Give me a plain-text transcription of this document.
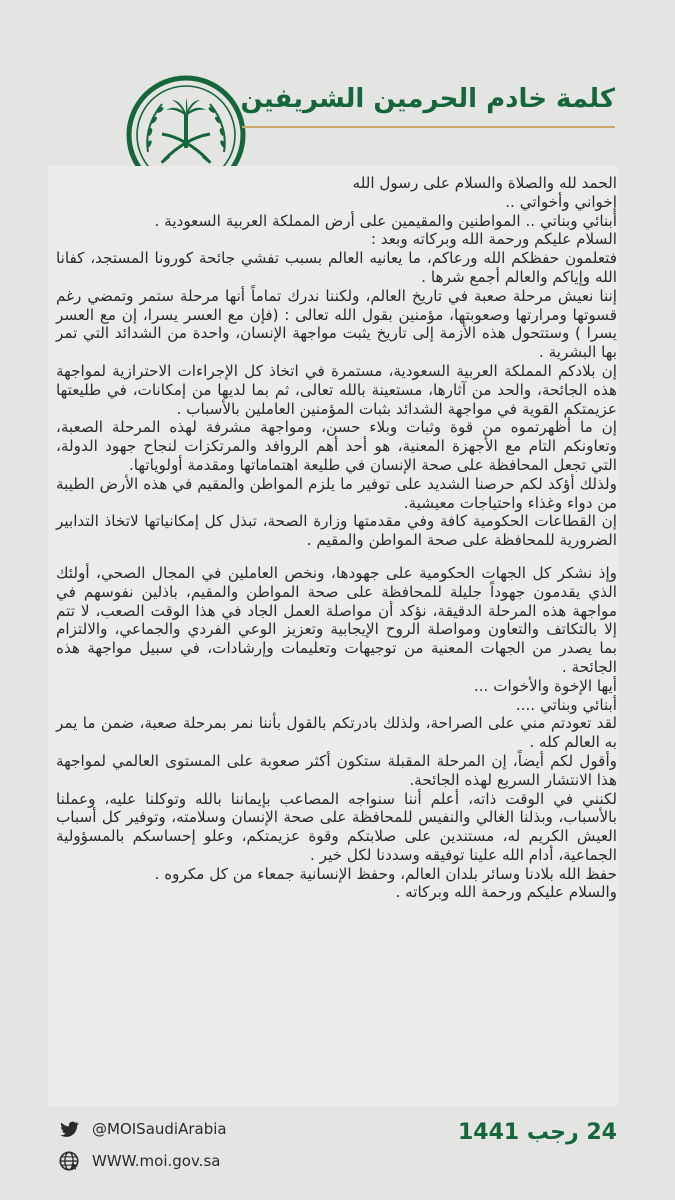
كلمة خادم الحرمين الشريفين

الحمد لله والصلاة والسلام على رسول الله

إخواني وأخواتي ..

أبنائي وبناتي .. المواطنين والمقيمين على أرض المملكة العربية السعودية .

السلام عليكم ورحمة الله وبركاته وبعد :

فتعلمون حفظكم الله ورعاكم، ما يعانيه العالم بسبب تفشي جائحة كورونا المستجد، كفانا الله وإياكم والعالم أجمع شرها .

إننا نعيش مرحلة صعبة في تاريخ العالم، ولكننا ندرك تماماً أنها مرحلة ستمر وتمضي رغم قسوتها ومرارتها وصعوبتها، مؤمنين بقول الله تعالى : (فإن مع العسر يسرا، إن مع العسر يسرا ) وستتحول هذه الأزمة إلى تاريخ يثبت مواجهة الإنسان، واحدة من الشدائد التي تمر بها البشرية .

إن بلادكم المملكة العربية السعودية، مستمرة في اتخاذ كل الإجراءات الاحترازية لمواجهة هذه الجائحة، والحد من آثارها، مستعينة بالله تعالى، ثم بما لديها من إمكانات، في طليعتها عزيمتكم القوية في مواجهة الشدائد بثبات المؤمنين العاملين بالأسباب .

إن ما أظهرتموه من قوة وثبات وبلاء حسن، ومواجهة مشرفة لهذه المرحلة الصعبة، وتعاونكم التام مع الأجهزة المعنية، هو أحد أهم الروافد والمرتكزات لنجاح جهود الدولة، التي تجعل المحافظة على صحة الإنسان في طليعة اهتماماتها ومقدمة أولوياتها.

ولذلك أؤكد لكم حرصنا الشديد على توفير ما يلزم المواطن والمقيم في هذه الأرض الطيبة من دواء وغذاء واحتياجات معيشية.

إن القطاعات الحكومية كافة وفي مقدمتها وزارة الصحة، تبذل كل إمكانياتها لاتخاذ التدابير الضرورية للمحافظة على صحة المواطن والمقيم .

وإذ نشكر كل الجهات الحكومية على جهودها، ونخص العاملين في المجال الصحي، أولئك الذي يقدمون جهوداً جليلة للمحافظة على صحة المواطن والمقيم، باذلين نفوسهم في مواجهة هذه المرحلة الدقيقة، نؤكد أن مواصلة العمل الجاد في هذا الوقت الصعب، لا تتم إلا بالتكاتف والتعاون ومواصلة الروح الإيجابية وتعزيز الوعي الفردي والجماعي، والالتزام بما يصدر من الجهات المعنية من توجيهات وتعليمات وإرشادات، في سبيل مواجهة هذه الجائحة .

أيها الإخوة والأخوات ...

أبنائي وبناتي ....

لقد تعودتم مني على الصراحة، ولذلك بادرتكم بالقول بأننا نمر بمرحلة صعبة، ضمن ما يمر به العالم كله .

وأقول لكم أيضاً، إن المرحلة المقبلة ستكون أكثر صعوبة على المستوى العالمي لمواجهة هذا الانتشار السريع لهذه الجائحة.

لكنني في الوقت ذاته، أعلم أننا سنواجه المصاعب بإيماننا بالله وتوكلنا عليه، وعملنا بالأسباب، وبذلنا الغالي والنفيس للمحافظة على صحة الإنسان وسلامته، وتوفير كل أسباب العيش الكريم له، مستندين على صلابتكم وقوة عزيمتكم، وعلو إحساسكم بالمسؤولية الجماعية، أدام الله علينا توفيقه وسددنا لكل خير .

حفظ الله بلادنا وسائر بلدان العالم، وحفظ الإنسانية جمعاء من كل مكروه .

والسلام عليكم ورحمة الله وبركاته .

@MOISaudiArabia
WWW.moi.gov.sa
24 رجب 1441
